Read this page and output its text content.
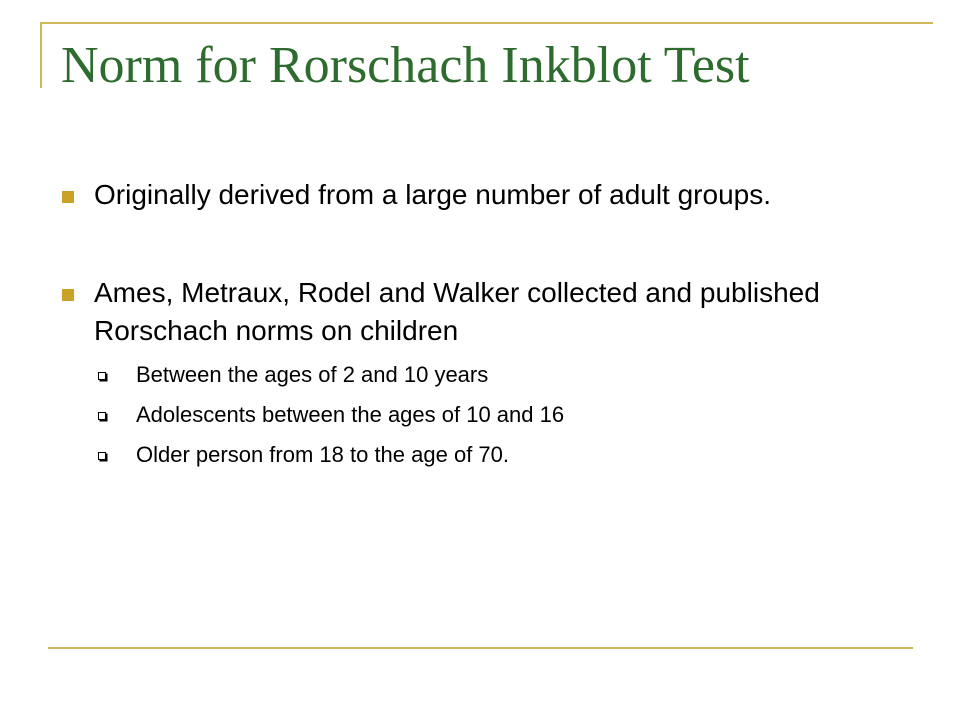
Norm for Rorschach Inkblot Test
Originally derived from a large number of adult groups.
Ames, Metraux, Rodel and Walker collected and published Rorschach norms on children
Between the ages of 2 and 10 years
Adolescents between the ages of 10 and 16
Older person from 18 to the age of 70.
